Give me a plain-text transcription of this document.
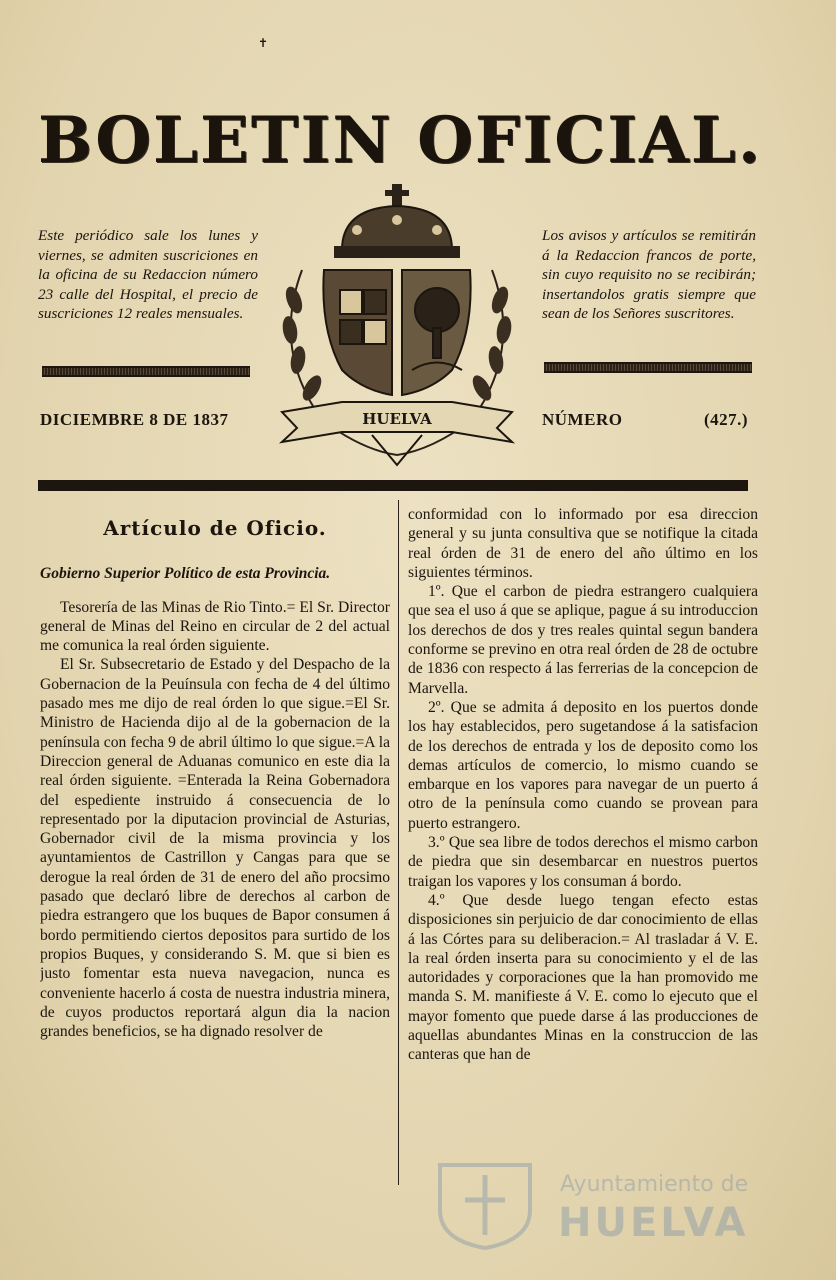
✝
BOLETIN OFICIAL.
Este periódico sale los lunes y viernes, se admiten suscriciones en la oficina de su Redaccion número 23 calle del Hospital, el precio de suscriciones 12 reales mensuales.
Los avisos y artículos se remitirán á la Redaccion francos de porte, sin cuyo requisito no se recibirán; insertandolos gratis siempre que sean de los Señores suscritores.
HUELVA
DICIEMBRE 8 DE 1837	NÚMERO	(427.)
Artículo de Oficio.
Gobierno Superior Político de esta Provincia.

Tesorería de las Minas de Rio Tinto.= El Sr. Director general de Minas del Reino en circular de 2 del actual me comunica la real órden siguiente.

El Sr. Subsecretario de Estado y del Despacho de la Gobernacion de la Peuínsula con fecha de 4 del último pasado mes me dijo de real órden lo que sigue.=El Sr. Ministro de Hacienda dijo al de la gobernacion de la península con fecha 9 de abril último lo que sigue.=A la Direccion general de Aduanas comunico en este dia la real órden siguiente. =Enterada la Reina Gobernadora del espediente instruido á consecuencia de lo representado por la diputacion provincial de Asturias, Gobernador civil de la misma provincia y los ayuntamientos de Castrillon y Cangas para que se derogue la real órden de 31 de enero del año procsimo pasado que declaró libre de derechos al carbon de piedra estrangero que los buques de Bapor consumen á bordo permitiendo ciertos depositos para surtido de los propios Buques, y considerando S. M. que si bien es justo fomentar esta nueva navegacion, nunca es conveniente hacerlo á costa de nuestra industria minera, de cuyos productos reportará algun dia la nacion grandes beneficios, se ha dignado resolver de

conformidad con lo informado por esa direccion general y su junta consultiva que se notifique la citada real órden de 31 de enero del año último en los siguientes términos.

1º. Que el carbon de piedra estrangero cualquiera que sea el uso á que se aplique, pague á su introduccion los derechos de dos y tres reales quintal segun bandera conforme se previno en otra real órden de 28 de octubre de 1836 con respecto á las ferrerias de la concepcion de Marvella.

2º. Que se admita á deposito en los puertos donde los hay establecidos, pero sugetandose á la satisfacion de los derechos de entrada y los de deposito como los demas artículos de comercio, lo mismo cuando se embarque en los vapores para navegar de un puerto á otro de la península como cuando se provean para puerto estrangero.

3.º Que sea libre de todos derechos el mismo carbon de piedra que sin desembarcar en nuestros puertos traigan los vapores y los consuman á bordo.

4.º Que desde luego tengan efecto estas disposiciones sin perjuicio de dar conocimiento de ellas á las Córtes para su deliberacion.= Al trasladar á V. E. la real órden inserta para su conocimiento y el de las autoridades y corporaciones que la han promovido me manda S. M. manifieste á V. E. como lo ejecuto que el mayor fomento que puede darse á las producciones de aquellas abundantes Minas en la construccion de las canteras que han de

Ayuntamiento de
HUELVA
